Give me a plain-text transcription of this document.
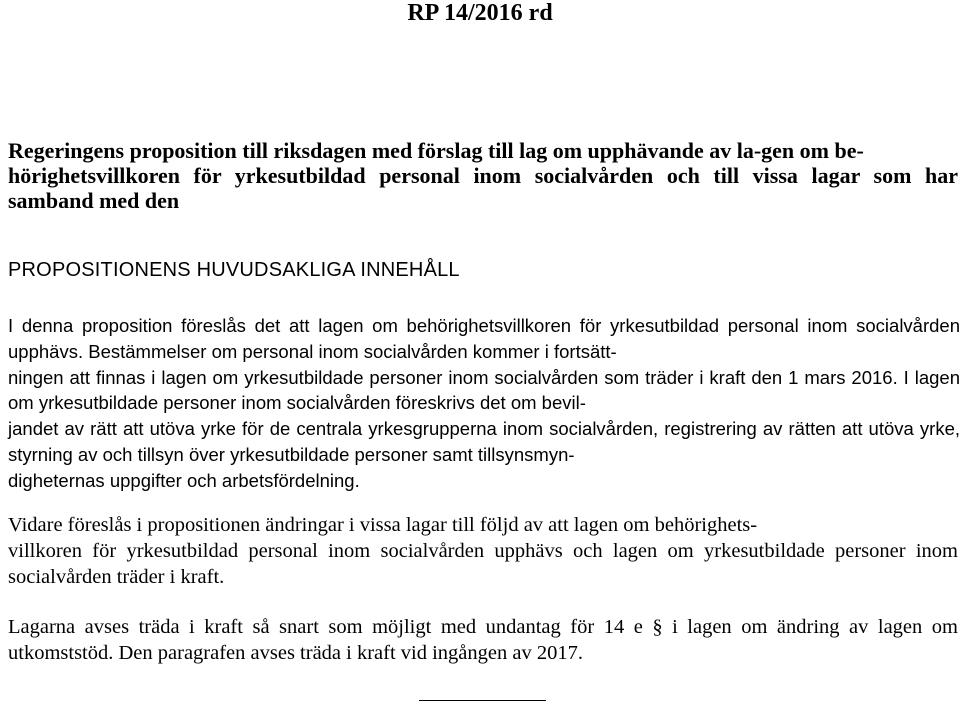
RP 14/2016 rd
Regeringens proposition till riksdagen med förslag till lag om upphävande av la-gen om be-
hörighetsvillkoren för yrkesutbildad personal inom socialvården och till vissa lagar som har samband med den
PROPOSITIONENS HUVUDSAKLIGA INNEHÅLL

I denna proposition föreslås det att lagen om behörighetsvillkoren för yrkesutbildad personal inom socialvården upphävs. Bestämmelser om personal inom socialvården kommer i fortsätt-
ningen att finnas i lagen om yrkesutbildade personer inom socialvården som träder i kraft den 1 mars 2016. I lagen om yrkesutbildade personer inom socialvården föreskrivs det om bevil-
jandet av rätt att utöva yrke för de centrala yrkesgrupperna inom socialvården, registrering av rätten att utöva yrke, styrning av och tillsyn över yrkesutbildade personer samt tillsynsmyn-
digheternas uppgifter och arbetsfördelning.

Vidare föreslås i propositionen ändringar i vissa lagar till följd av att lagen om behörighets-
villkoren för yrkesutbildad personal inom socialvården upphävs och lagen om yrkesutbildade personer inom socialvården träder i kraft.

Lagarna avses träda i kraft så snart som möjligt med undantag för 14 e § i lagen om ändring av lagen om utkomststöd. Den paragrafen avses träda i kraft vid ingången av 2017.
